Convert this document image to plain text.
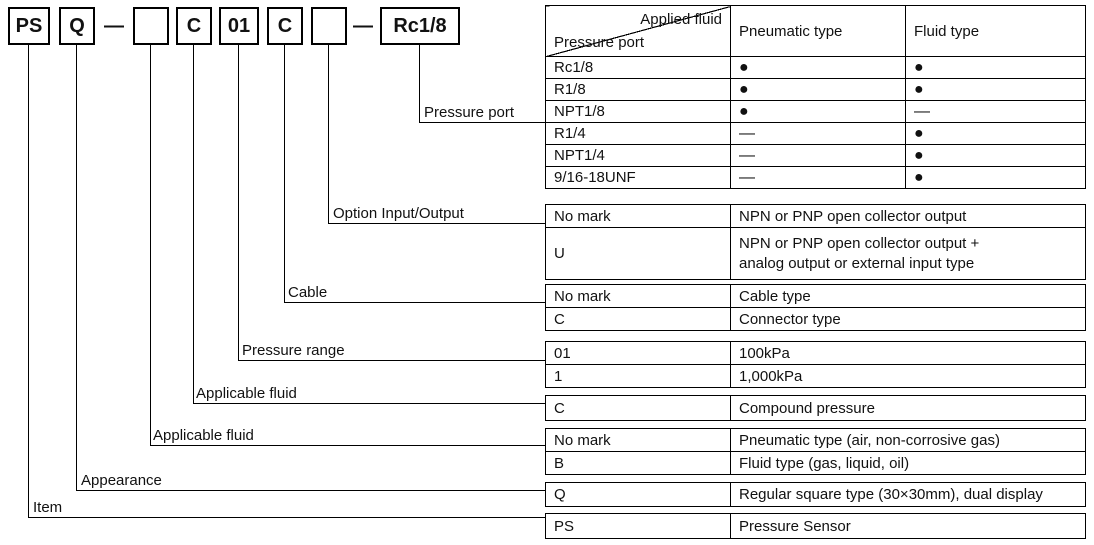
PS	Q —	C	01	C	—	Rc1/8
Pressure port
Option Input/Output
Cable
Pressure range
Applicable fluid
Applicable fluid
Appearance
Item
Applied fluid
Pressure port	Pneumatic type	Fluid type
Rc1/8	●	●
R1/8	●	●
NPT1/8	●	—
R1/4	—	●
NPT1/4	—	●
9/16-18UNF	—	●
No mark	NPN or PNP open collector output
U	NPN or PNP open collector output + analog output or external input type
No mark	Cable type
C	Connector type
01	100kPa
1	1,000kPa
C	Compound pressure
No mark	Pneumatic type (air, non-corrosive gas)
B	Fluid type (gas, liquid, oil)
Q	Regular square type (30×30mm), dual display
PS	Pressure Sensor
